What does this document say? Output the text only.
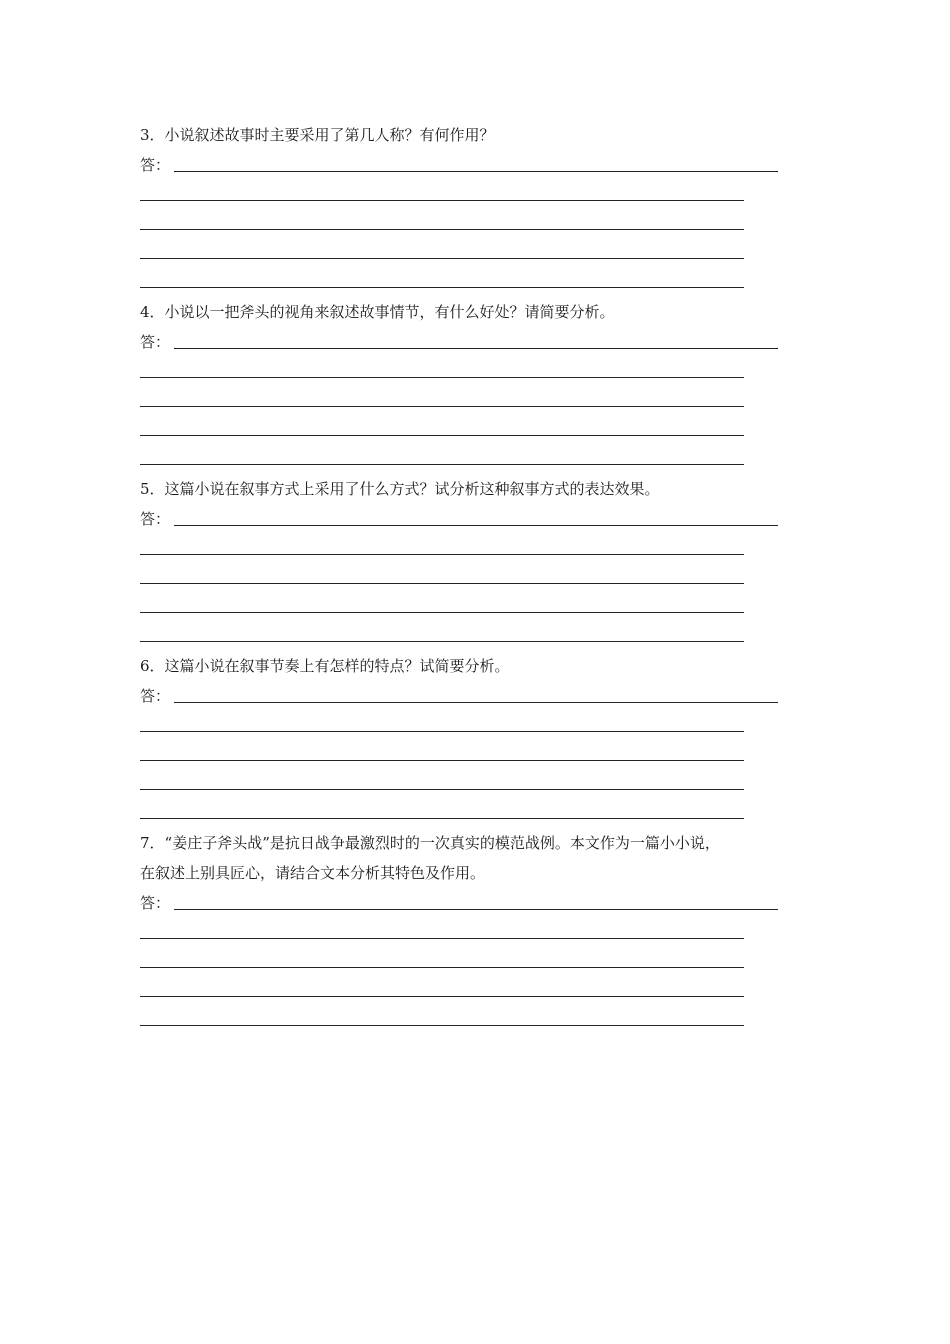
3．小说叙述故事时主要采用了第几人称？有何作用？
答：
4．小说以一把斧头的视角来叙述故事情节，有什么好处？请简要分析。
答：
5．这篇小说在叙事方式上采用了什么方式？试分析这种叙事方式的表达效果。
答：
6．这篇小说在叙事节奏上有怎样的特点？试简要分析。
答：
7．“姜庄子斧头战”是抗日战争最激烈时的一次真实的模范战例。本文作为一篇小小说，
在叙述上别具匠心，请结合文本分析其特色及作用。
答：
